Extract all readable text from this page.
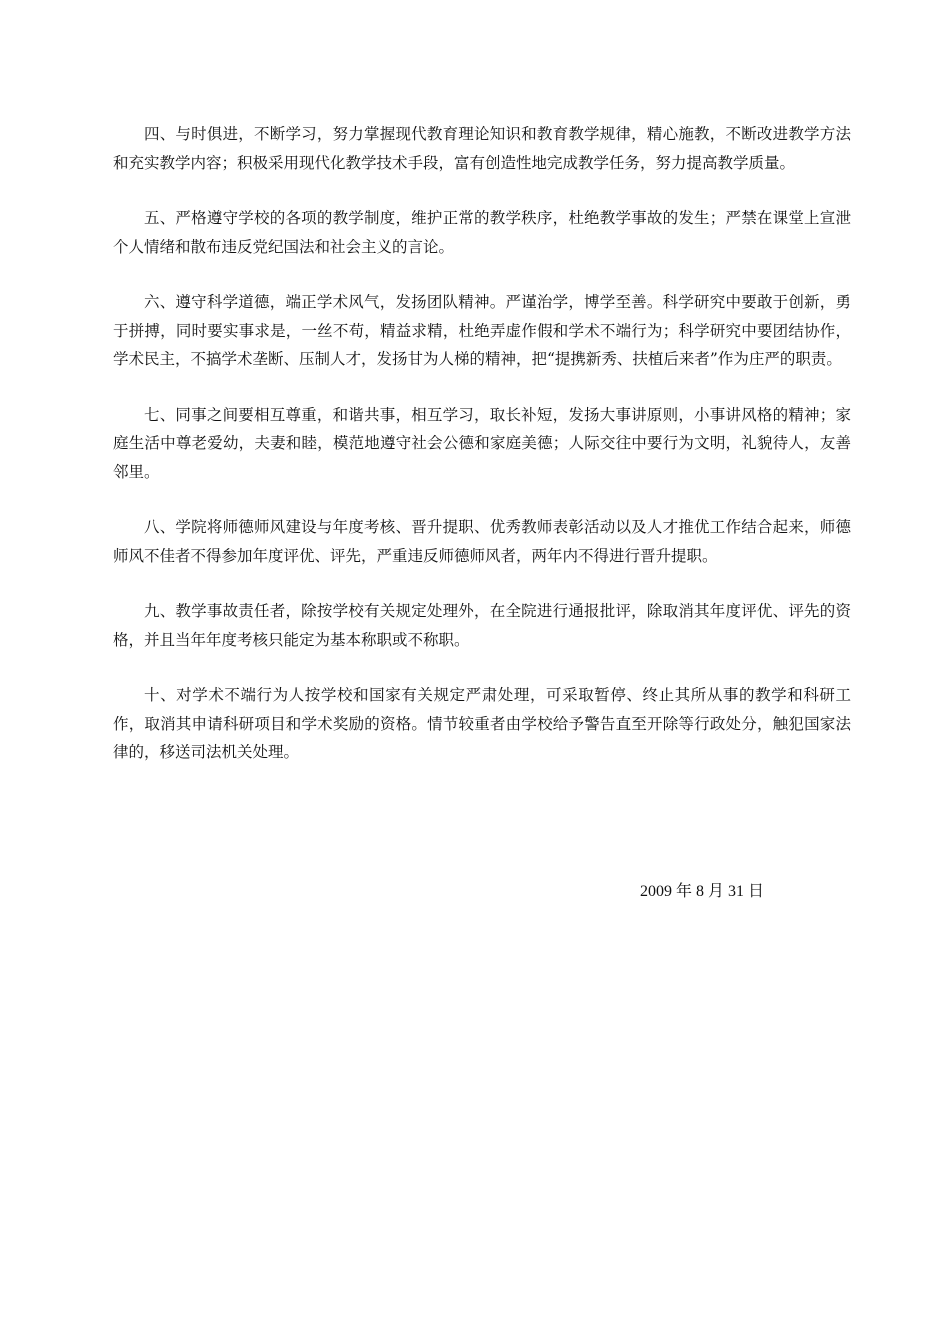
四、与时俱进，不断学习，努力掌握现代教育理论知识和教育教学规律，精心施教，不断改进教学方法和充实教学内容；积极采用现代化教学技术手段，富有创造性地完成教学任务，努力提高教学质量。

五、严格遵守学校的各项的教学制度，维护正常的教学秩序，杜绝教学事故的发生；严禁在课堂上宣泄个人情绪和散布违反党纪国法和社会主义的言论。

六、遵守科学道德，端正学术风气，发扬团队精神。严谨治学，博学至善。科学研究中要敢于创新，勇于拼搏，同时要实事求是，一丝不苟，精益求精，杜绝弄虚作假和学术不端行为；科学研究中要团结协作，学术民主，不搞学术垄断、压制人才，发扬甘为人梯的精神，把“提携新秀、扶植后来者”作为庄严的职责。

七、同事之间要相互尊重，和谐共事，相互学习，取长补短，发扬大事讲原则，小事讲风格的精神；家庭生活中尊老爱幼，夫妻和睦，模范地遵守社会公德和家庭美德；人际交往中要行为文明，礼貌待人，友善邻里。

八、学院将师德师风建设与年度考核、晋升提职、优秀教师表彰活动以及人才推优工作结合起来，师德师风不佳者不得参加年度评优、评先，严重违反师德师风者，两年内不得进行晋升提职。

九、教学事故责任者，除按学校有关规定处理外，在全院进行通报批评，除取消其年度评优、评先的资格，并且当年年度考核只能定为基本称职或不称职。

十、对学术不端行为人按学校和国家有关规定严肃处理，可采取暂停、终止其所从事的教学和科研工作，取消其申请科研项目和学术奖励的资格。情节较重者由学校给予警告直至开除等行政处分，触犯国家法律的，移送司法机关处理。

2009 年 8 月 31 日
